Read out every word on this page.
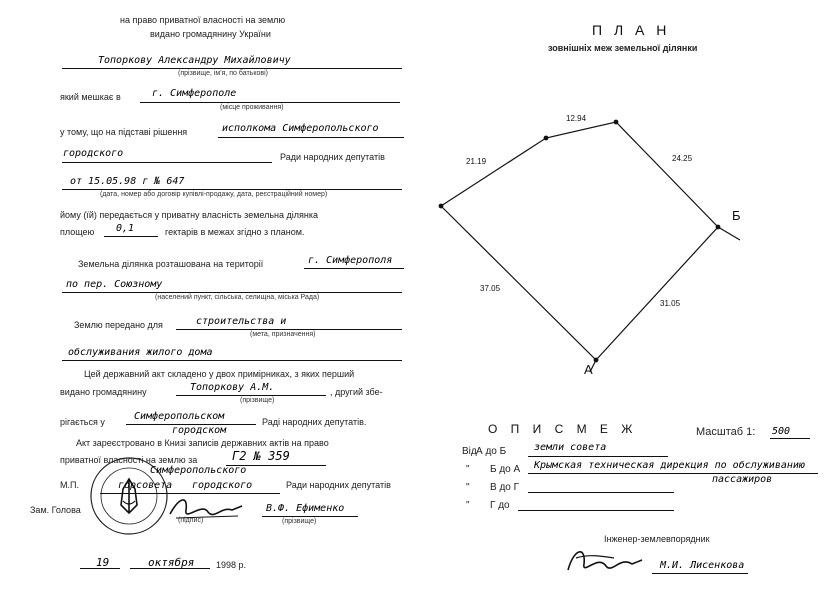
на право приватної власності на землю
видано громадянину України
Топоркову Александру Михайловичу
(прізвище, ім'я, по батькові)
який мешкає в	г. Симферополе
(місце проживання)
у тому, що на підставі рішення	исполкома Симферопольского
городского	Ради народних депутатів
от 15.05.98 г № 647
(дата, номер або договір купівлі-продажу, дата, реєстраційний номер)
йому (їй) передається у приватну власність земельна ділянка
площею 0,1	гектарів в межах згідно з планом.
Земельна ділянка розташована на території	г. Симферополя
по пер. Союзному
(населений пункт, сільська, селищна, міська Рада)
Землю передано для	строительства и
(мета, призначення)
обслуживания жилого дома
Цей державний акт складено у двох примірниках, з яких перший
видано громадянину	Топоркову А.М.
(прізвище)
, другий збе-
рігається у	Симферопольском	Раді народних депутатів.
городском
Акт зареєстровано в Книзі записів державних актів на право
приватної власності на землю за	Г2 № 359
М.П.
Симферопольского
Зам. Голова
горсовета городского	Ради народних депутатів
(підпис)
В.Ф. Ефименко
(прізвище)
19	октября 1998 р.
П Л А Н
зовнішніх меж земельної ділянки
21.19
12.94
24.25
37.05
31.05
А
Б
О П И С М Е Ж	Масштаб 1: 500
Від А до Б	земли совета
" Б до А Крымская техническая дирекция по обслуживанию
пассажиров
" В до Г
" Г до
Інженер-землевпорядник
М.И. Лисенкова
